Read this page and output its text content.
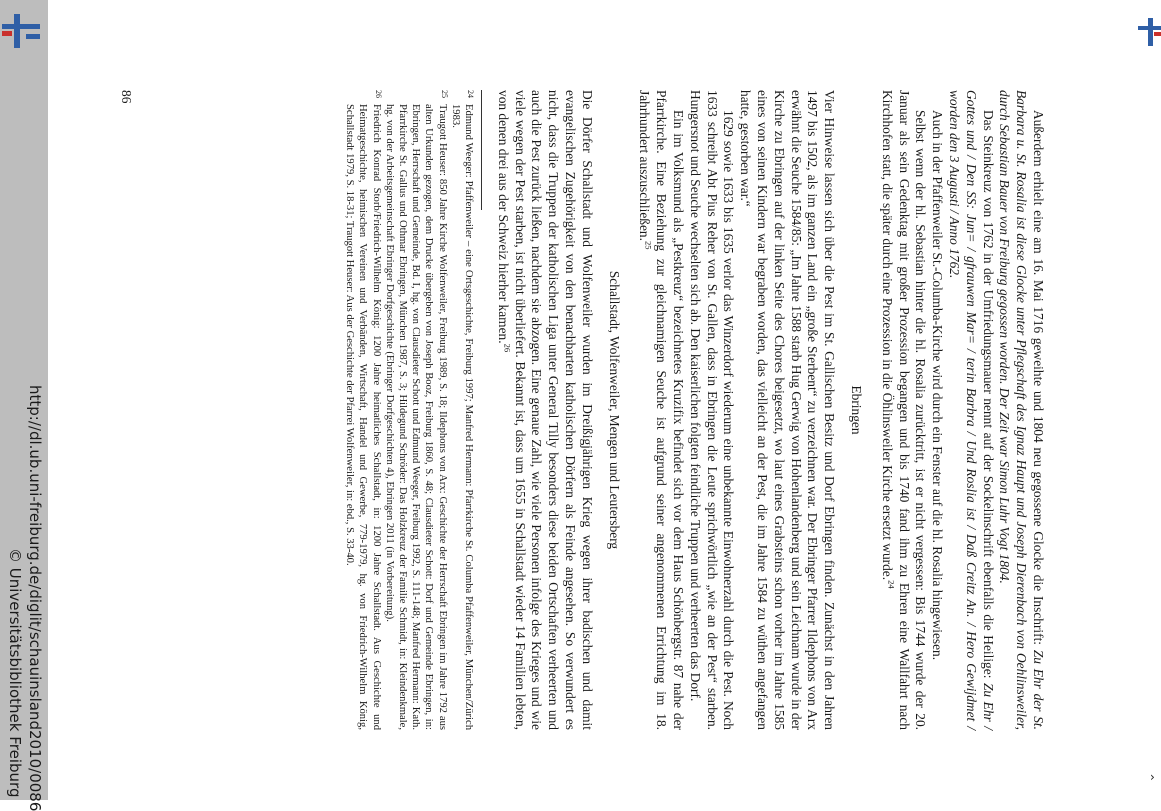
http://dl.ub.uni-freiburg.de/diglit/schauinsland2010/0086
© Universitätsbibliothek Freiburg	›

Außerdem erhielt eine am 16. Mai 1716 geweihte und 1804 neu gegossene Glocke die Inschrift: Zu Ehr der St. Barbara u. St. Rosalia ist diese Glocke unter Pflegschaft des Ignaz Haupt und Joseph Dierenbach von Oehlinsweiler, durch Sebastian Bauer von Freiburg gegossen worden. Der Zeit war Simon Luhr Vogt 1804.

Das Steinkreuz von 1762 in der Umfriedungsmauer nennt auf der Sockelinschrift ebenfalls die Heilige: Zu Ehr / Gottes und / Den SS: Jun= / gfrauwen Mar= / terin Barbra / Und Roslia ist / Daß Creitz An. / Hero Gewijdmet / worden den 3 Augusti / Anno 1762.

Auch in der Pfaffenweiler St.-Columba-Kirche wird durch ein Fenster auf die hl. Rosalia hingewiesen.

Selbst wenn der hl. Sebastian hinter die hl. Rosalia zurücktritt, ist er nicht vergessen: Bis 1744 wurde der 20. Januar als sein Gedenktag mit großer Prozession begangen und bis 1740 fand ihm zu Ehren eine Wallfahrt nach Kirchhofen statt, die später durch eine Prozession in die Öhlinsweiler Kirche ersetzt wurde.$^{24}$

Ebringen

Vier Hinweise lassen sich über die Pest im St. Gallischen Besitz und Dorf Ebringen finden. Zunächst in den Jahren 1497 bis 1502, als im ganzen Land ein „große Sterbent“ zu verzeichnen war. Der Ebringer Pfarrer Ildephons von Arx erwähnt die Seuche 1584/85: „Im Jahre 1588 starb Hug Gerwig von Hohenlandenberg und sein Leichnam wurde in der Kirche zu Ebringen auf der linken Seite des Chores beigesetzt, wo laut eines Grabsteins schon vorher im Jahre 1585 eines von seinen Kindern war begraben worden, das vielleicht an der Pest, die im Jahre 1584 zu wüthen angefangen hatte, gestorben war.“

1629 sowie 1633 bis 1635 verlor das Winzerdorf wiederum eine unbekannte Einwohnerzahl durch die Pest. Noch 1633 schreibt Abt Pius Reher von St. Gallen, dass in Ebringen die Leute sprichwörtlich „wie an der Pest“ starben. Hungersnot und Seuche wechselten sich ab. Den kaiserlichen folgten feindliche Truppen und verheerten das Dorf.

Ein im Volksmund als „Pestkreuz“ bezeichnetes Kruzifix befindet sich vor dem Haus Schönbergstr. 87 nahe der Pfarrkirche. Eine Beziehung zur gleichnamigen Seuche ist aufgrund seiner angenommenen Errichtung im 18. Jahrhundert auszuschließen.$^{25}$

Schallstadt, Wolfenweiler, Mengen und Leutersberg

Die Dörfer Schallstadt und Wolfenweiler wurden im Dreißigjährigen Krieg wegen ihrer badischen und damit evangelischen Zugehörigkeit von den benachbarten katholischen Dörfern als Feinde angesehen. So verwundert es nicht, dass die Truppen der katholischen Liga unter General Tilly besonders diese beiden Ortschaften verheerten und auch die Pest zurück ließen, nachdem sie abzogen. Eine genaue Zahl, wie viele Personen infolge des Krieges und wie viele wegen der Pest starben, ist nicht überliefert. Bekannt ist, dass um 1655 in Schallstadt wieder 14 Familien lebten, von denen drei aus der Schweiz hierher kamen.$^{26}$

24
Edmund Weeger: Pfaffenweiler – eine Ortsgeschichte, Freiburg 1997; Manfred Hermann: Pfarrkirche St. Columba Pfaffenweiler, München/Zürich 1983.

25
Traugott Heuser: 850 Jahre Kirche Wolfenweiler, Freiburg 1989, S. 18; Ildephons von Arx: Geschichte der Herrschaft Ebringen im Jahre 1792 aus alten Urkunden gezogen, dem Drucke übergeben von Joseph Booz, Freiburg 1860, S. 48; Clausdieter Schott: Dorf und Gemeinde Ebringen, in: Ebringen, Herrschaft und Gemeinde, Bd. I, hg. von Clausdieter Schott und Edmund Weeger, Freiburg 1992, S. 111-148; Manfred Hermann: Kath. Pfarrkirche St. Gallus und Othmar Ebringen, München 1987, S. 3; Hildegund Schröder: Das Holzkreuz der Familie Schmidt, in: Kleindenkmale, hg. von der Arbeitsgemeinschaft Ebringer Dorfgeschichte (Ebringer Dorfgeschichten 4), Ebringen 2011 (in Vorbereitung).

26
Friedrich Konrad Storb/Friedrich-Wilhelm König: 1200 Jahre heimatliches Schallstadt, in: 1200 Jahre Schallstadt. Aus Geschichte und Heimatgeschichte, heimischen Vereinen und Verbänden, Wirtschaft, Handel und Gewerbe, 779-1979, hg. von Friedrich-Wilhelm König, Schallstadt 1979, S. 18-31; Traugott Heuser: Aus der Geschichte der Pfarrei Wolfenweiler, in: ebd., S. 33-40.

86
